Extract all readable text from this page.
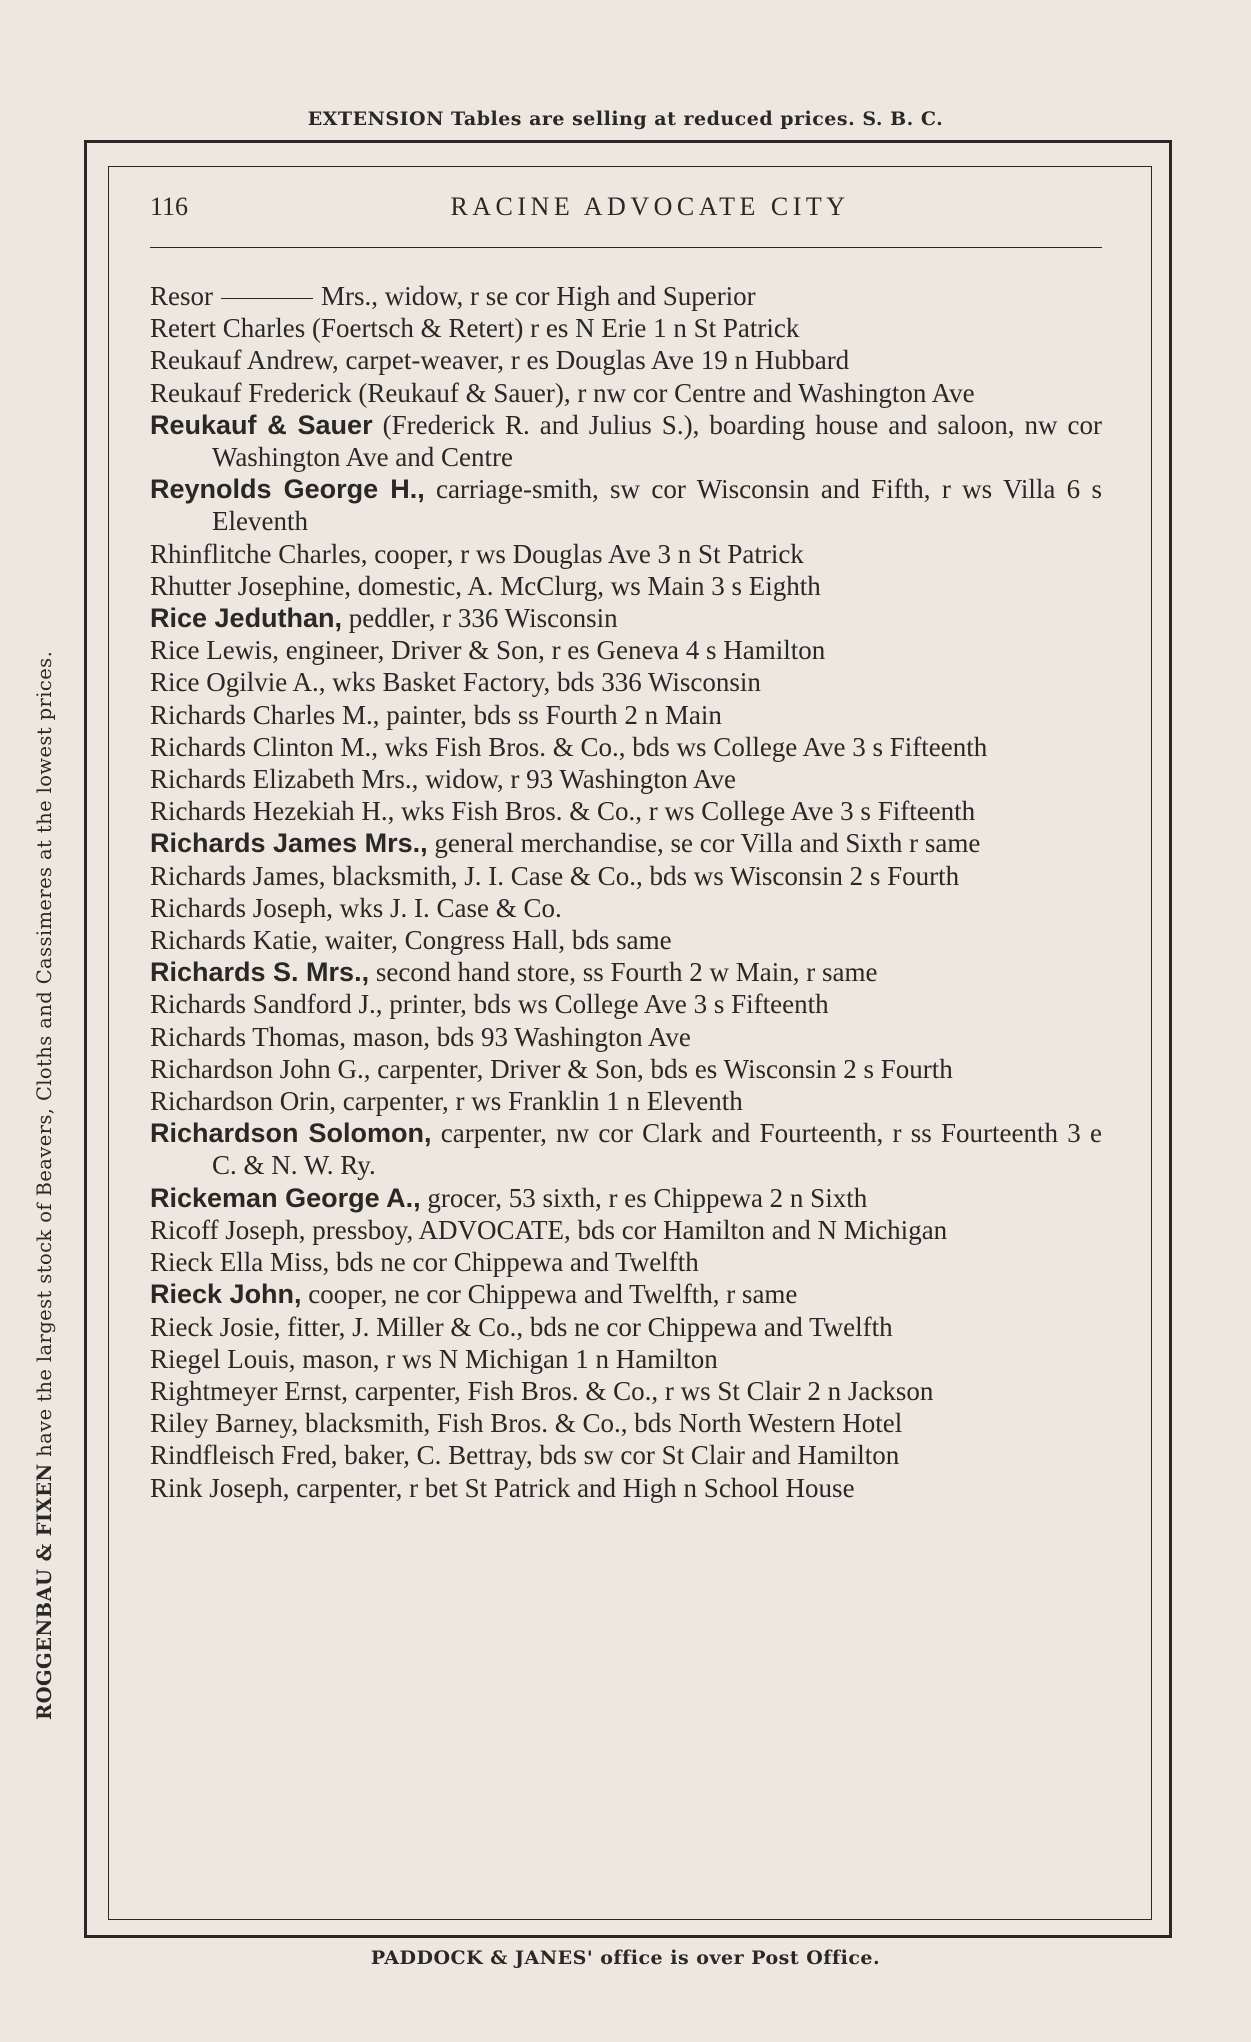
EXTENSION Tables are selling at reduced prices. S. B. C.
ROGGENBAU & FIXEN have the largest stock of Beavers, Cloths and Cassimeres at the lowest prices.
116	RACINE ADVOCATE CITY
Resor	Mrs., widow, r se cor High and Superior
Retert Charles (Foertsch & Retert) r es N Erie 1 n St Patrick
Reukauf Andrew, carpet-weaver, r es Douglas Ave 19 n Hubbard
Reukauf Frederick (Reukauf & Sauer), r nw cor Centre and Washington Ave
Reukauf & Sauer (Frederick R. and Julius S.), boarding house and saloon, nw cor Washington Ave and Centre
Reynolds George H., carriage-smith, sw cor Wisconsin and Fifth, r ws Villa 6 s Eleventh
Rhinflitche Charles, cooper, r ws Douglas Ave 3 n St Patrick
Rhutter Josephine, domestic, A. McClurg, ws Main 3 s Eighth
Rice Jeduthan, peddler, r 336 Wisconsin
Rice Lewis, engineer, Driver & Son, r es Geneva 4 s Hamilton
Rice Ogilvie A., wks Basket Factory, bds 336 Wisconsin
Richards Charles M., painter, bds ss Fourth 2 n Main
Richards Clinton M., wks Fish Bros. & Co., bds ws College Ave 3 s Fifteenth
Richards Elizabeth Mrs., widow, r 93 Washington Ave
Richards Hezekiah H., wks Fish Bros. & Co., r ws College Ave 3 s Fifteenth
Richards James Mrs., general merchandise, se cor Villa and Sixth r same
Richards James, blacksmith, J. I. Case & Co., bds ws Wisconsin 2 s Fourth
Richards Joseph, wks J. I. Case & Co.
Richards Katie, waiter, Congress Hall, bds same
Richards S. Mrs., second hand store, ss Fourth 2 w Main, r same
Richards Sandford J., printer, bds ws College Ave 3 s Fifteenth
Richards Thomas, mason, bds 93 Washington Ave
Richardson John G., carpenter, Driver & Son, bds es Wisconsin 2 s Fourth
Richardson Orin, carpenter, r ws Franklin 1 n Eleventh
Richardson Solomon, carpenter, nw cor Clark and Fourteenth, r ss Fourteenth 3 e C. & N. W. Ry.
Rickeman George A., grocer, 53 sixth, r es Chippewa 2 n Sixth
Ricoff Joseph, pressboy, ADVOCATE, bds cor Hamilton and N Michigan
Rieck Ella Miss, bds ne cor Chippewa and Twelfth
Rieck John, cooper, ne cor Chippewa and Twelfth, r same
Rieck Josie, fitter, J. Miller & Co., bds ne cor Chippewa and Twelfth
Riegel Louis, mason, r ws N Michigan 1 n Hamilton
Rightmeyer Ernst, carpenter, Fish Bros. & Co., r ws St Clair 2 n Jackson
Riley Barney, blacksmith, Fish Bros. & Co., bds North Western Hotel
Rindfleisch Fred, baker, C. Bettray, bds sw cor St Clair and Hamilton
Rink Joseph, carpenter, r bet St Patrick and High n School House
PADDOCK & JANES' office is over Post Office.
